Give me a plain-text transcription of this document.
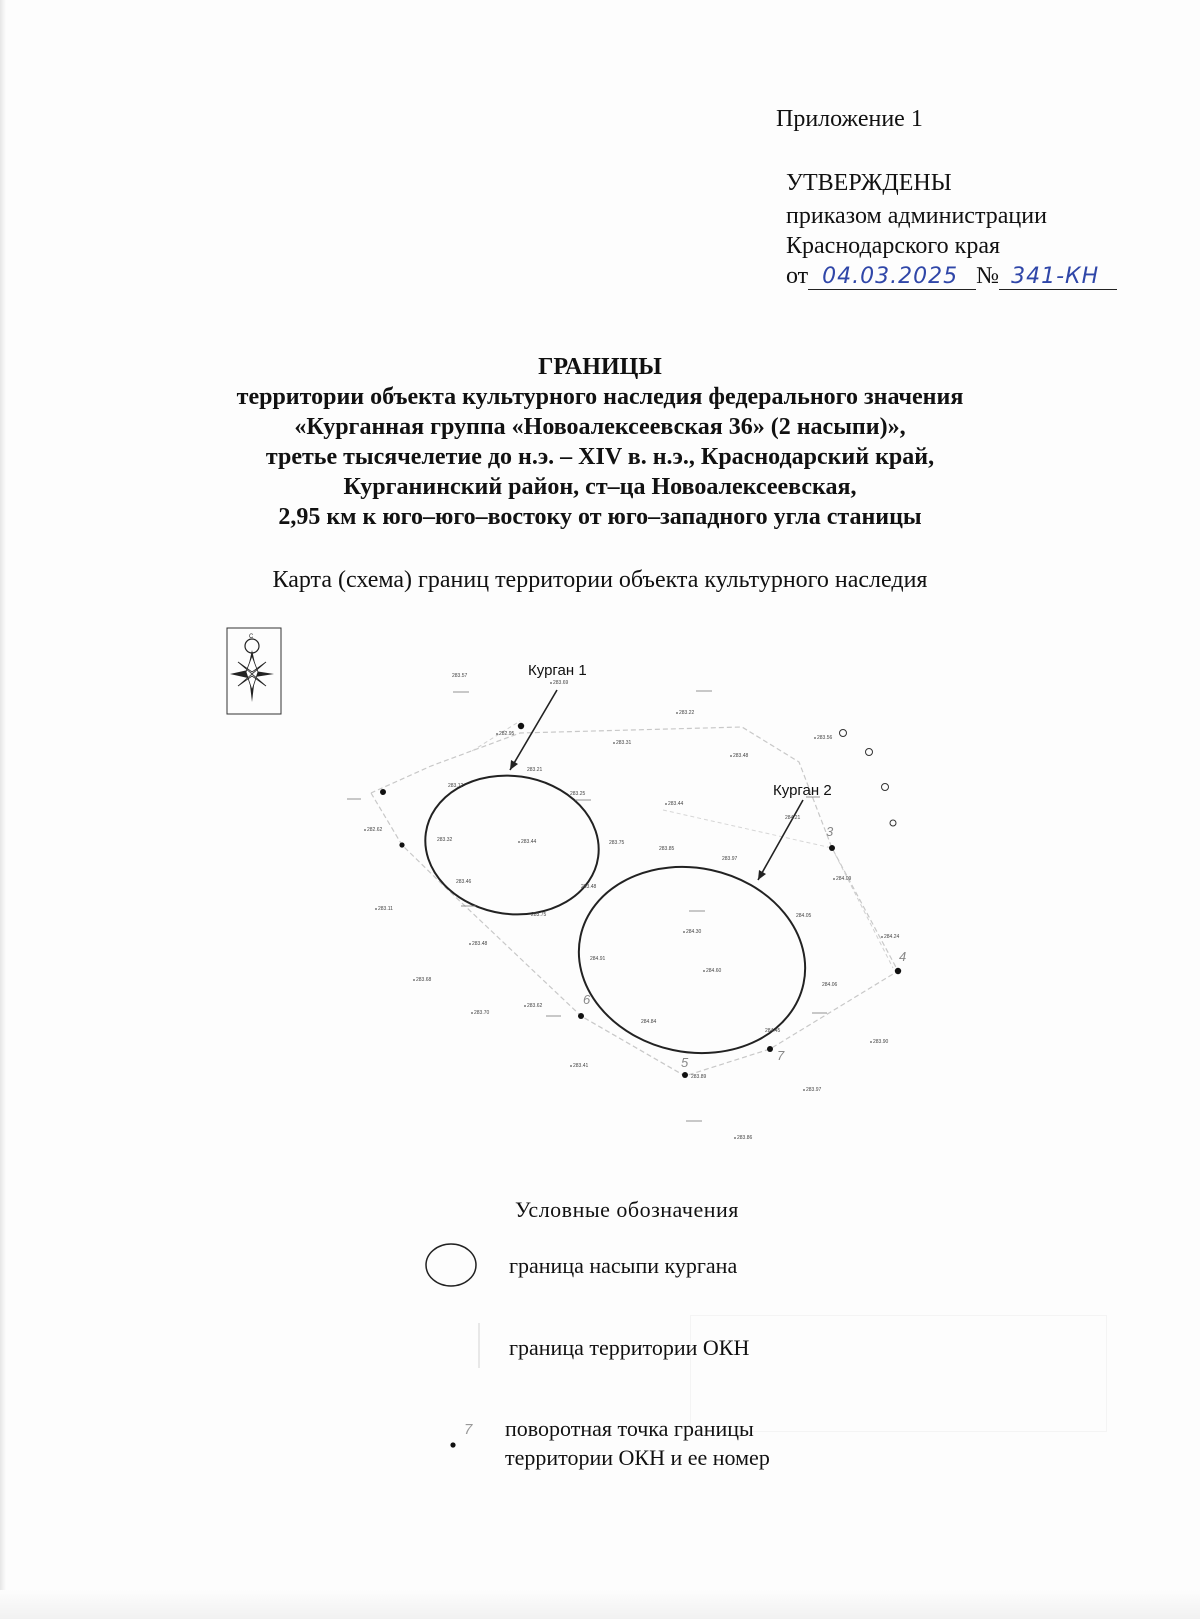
Приложение 1
УТВЕРЖДЕНЫ
приказом администрации
Краснодарского края
от 04.03.2025 № 341-КН
ГРАНИЦЫ
территории объекта культурного наследия федерального значения
«Курганная группа «Новоалексеевская 36» (2 насыпи)»,
третье тысячелетие до н.э. – XIV в. н.э., Краснодарский край,
Курганинский район, ст–ца Новоалексеевская,
2,95 км к юго–юго–востоку от юго–западного угла станицы
Карта (схема) границ территории объекта культурного наследия
С
Курган 1
Курган 2
3
4
5
6
7
283.57
283.69
283.22
282.95
283.21
283.31
283.48
283.56
283.12
282.62
283.32	283.44
283.25
283.44
283.75
283.85
283.97
284.21
284.09
283.46
283.75
283.48
283.11
284.05
284.30
284.24
283.48
284.91
284.60
284.06
283.68
283.62
283.70
284.84
284.45
283.90
283.41
283.89
283.97
283.86
7
Условные обозначения
граница насыпи кургана
граница территории ОКН
поворотная точка границы
территории ОКН и ее номер
